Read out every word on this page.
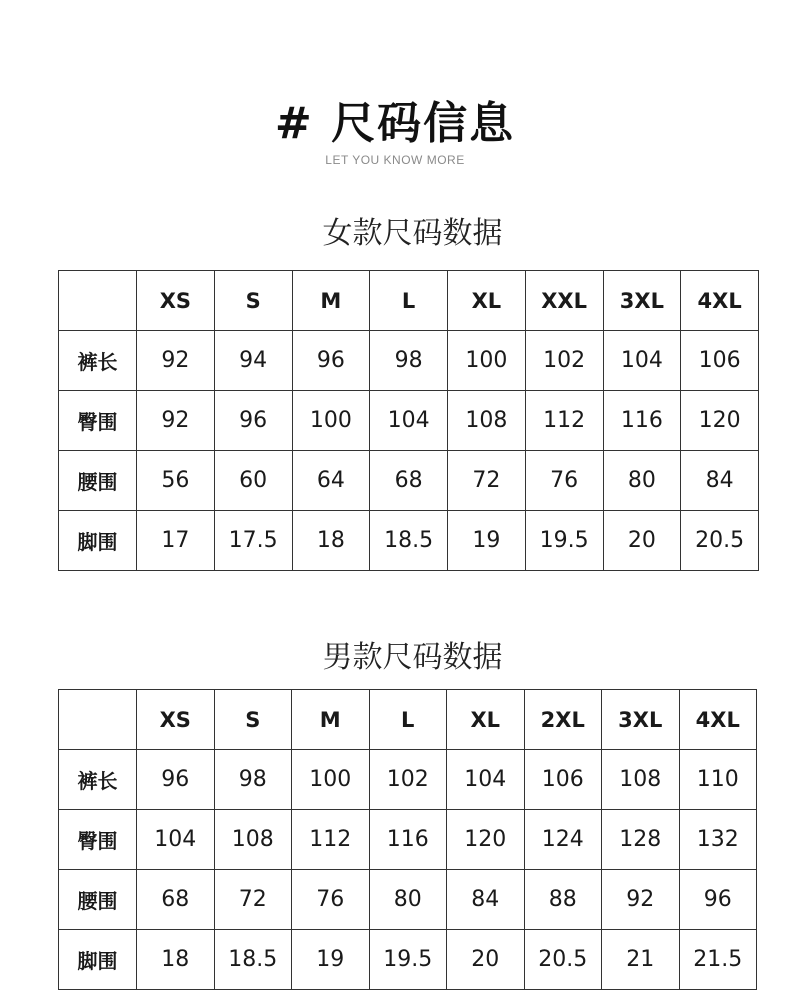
# 尺码信息
LET YOU KNOW MORE
女款尺码数据
	XS	S	M	L	XL	XXL	3XL	4XL
裤长	92	94	96	98	100	102	104	106
臀围	92	96	100	104	108	112	116	120
腰围	56	60	64	68	72	76	80	84
脚围	17	17.5	18	18.5	19	19.5	20	20.5
男款尺码数据
	XS	S	M	L	XL	2XL	3XL	4XL
裤长	96	98	100	102	104	106	108	110
臀围	104	108	112	116	120	124	128	132
腰围	68	72	76	80	84	88	92	96
脚围	18	18.5	19	19.5	20	20.5	21	21.5
